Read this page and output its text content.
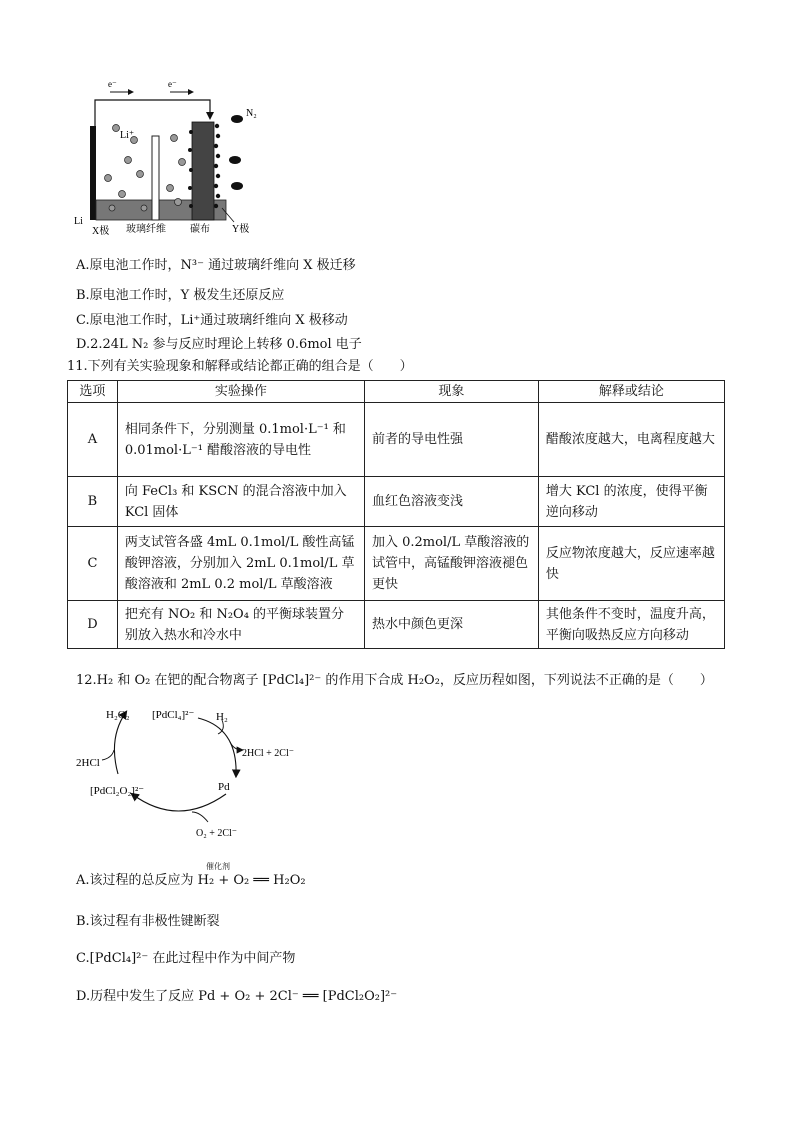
e⁻	e⁻
N₂
Li⁺
Li
X极 玻璃纤维 碳布 Y极
A.原电池工作时，N³⁻ 通过玻璃纤维向 X 极迁移
B.原电池工作时，Y 极发生还原反应
C.原电池工作时，Li⁺通过玻璃纤维向 X 极移动
D.2.24L N₂ 参与反应时理论上转移 0.6mol 电子
11.下列有关实验现象和解释或结论都正确的组合是（　　）
选项	实验操作	现象	解释或结论
A	相同条件下，分别测量 0.1mol·L⁻¹ 和 0.01mol·L⁻¹ 醋酸溶液的导电性	前者的导电性强	醋酸浓度越大，电离程度越大
B	向 FeCl₃ 和 KSCN 的混合溶液中加入 KCl 固体	血红色溶液变浅	增大 KCl 的浓度，使得平衡逆向移动
C	两支试管各盛 4mL 0.1mol/L 酸性高锰酸钾溶液，分别加入 2mL 0.1mol/L 草酸溶液和 2mL 0.2 mol/L 草酸溶液	加入 0.2mol/L 草酸溶液的试管中，高锰酸钾溶液褪色更快	反应物浓度越大，反应速率越快
D	把充有 NO₂ 和 N₂O₄ 的平衡球装置分别放入热水和冷水中	热水中颜色更深	其他条件不变时，温度升高，平衡向吸热反应方向移动
12.H₂ 和 O₂ 在钯的配合物离子 [PdCl₄]²⁻ 的作用下合成 H₂O₂，反应历程如图，下列说法不正确的是（　　）
H₂O₂ [PdCl₄]²⁻ H₂
2HCl + 2Cl⁻
Pd
O₂ + 2Cl⁻
[PdCl₂O₂]²⁻
2HCl
催化剂
A.该过程的总反应为 H₂ + O₂ ══ H₂O₂
B.该过程有非极性键断裂
C.[PdCl₄]²⁻ 在此过程中作为中间产物
D.历程中发生了反应 Pd + O₂ + 2Cl⁻ ══ [PdCl₂O₂]²⁻
